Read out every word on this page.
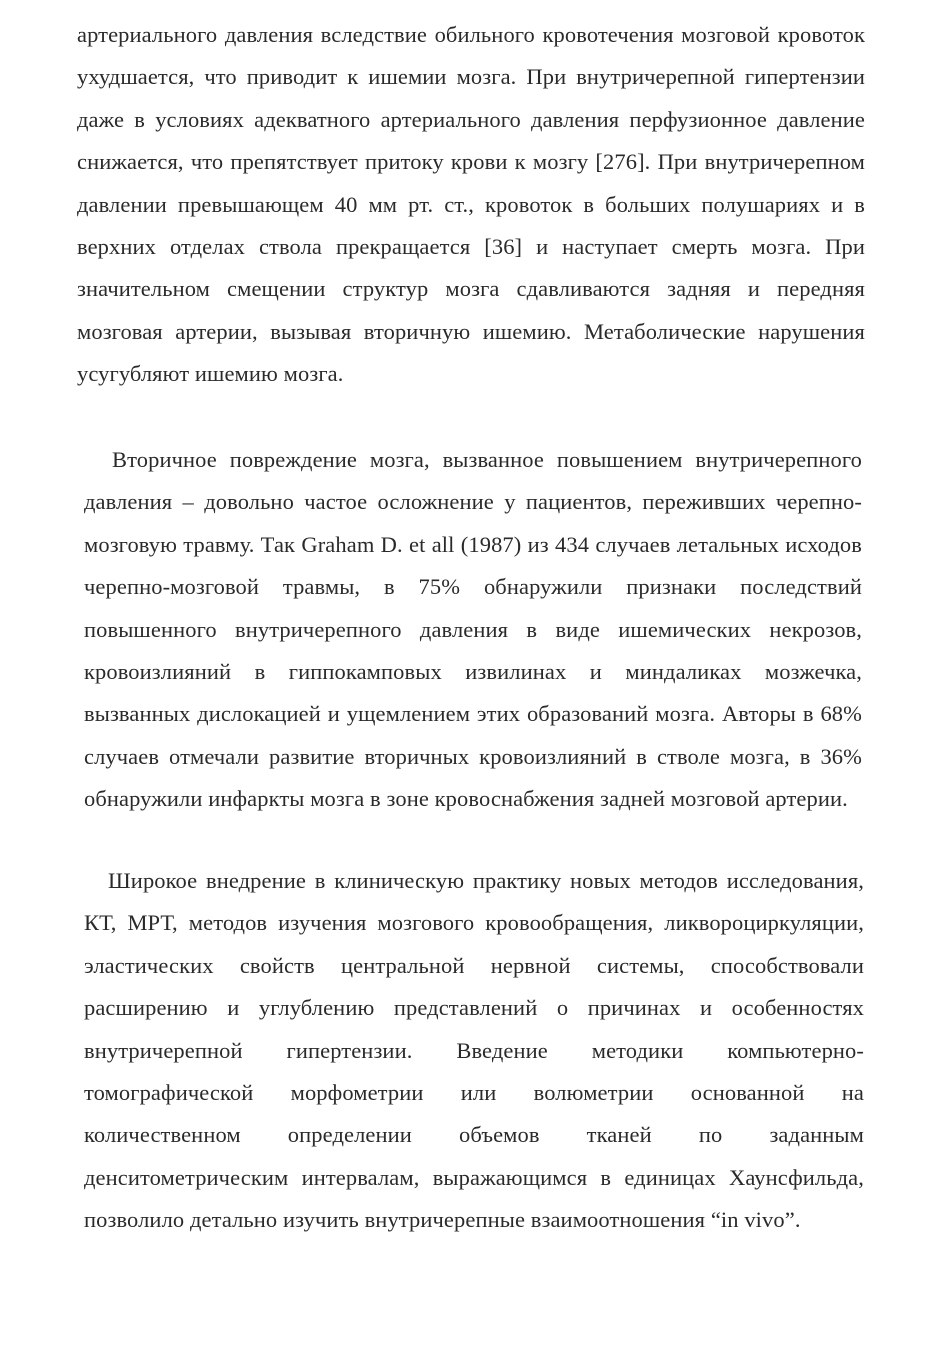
артериального давления вследствие обильного кровотечения мозговой кровоток ухудшается, что приводит к ишемии мозга. При внутричерепной гипертензии даже в условиях адекватного артериального давления перфузионное давление снижается, что препятствует притоку крови к мозгу [276]. При внутричерепном давлении превышающем 40 мм рт. ст., кровоток в больших полушариях и в верхних отделах ствола прекращается [36] и наступает смерть мозга. При значительном смещении структур мозга сдавливаются задняя и передняя мозговая артерии, вызывая вторичную ишемию. Метаболические нарушения усугубляют ишемию мозга.

Вторичное повреждение мозга, вызванное повышением внутричерепного давления – довольно частое осложнение у пациентов, переживших черепно-мозговую травму. Так Graham D. et all (1987) из 434 случаев летальных исходов черепно-мозговой травмы, в 75% обнаружили признаки последствий повышенного внутричерепного давления в виде ишемических некрозов, кровоизлияний в гиппокамповых извилинах и миндаликах мозжечка, вызванных дислокацией и ущемлением этих образований мозга. Авторы в 68% случаев отмечали развитие вторичных кровоизлияний в стволе мозга, в 36% обнаружили инфаркты мозга в зоне кровоснабжения задней мозговой артерии.

Широкое внедрение в клиническую практику новых методов исследования, КТ, МРТ, методов изучения мозгового кровообращения, ликвороциркуляции, эластических свойств центральной нервной системы, способствовали расширению и углублению представлений о причинах и особенностях внутричерепной гипертензии. Введение методики компьютерно-томографической морфометрии или волюметрии основанной на количественном определении объемов тканей по заданным денситометрическим интервалам, выражающимся в единицах Хаунсфильда, позволило детально изучить внутричерепные взаимоотношения “in vivo”.
